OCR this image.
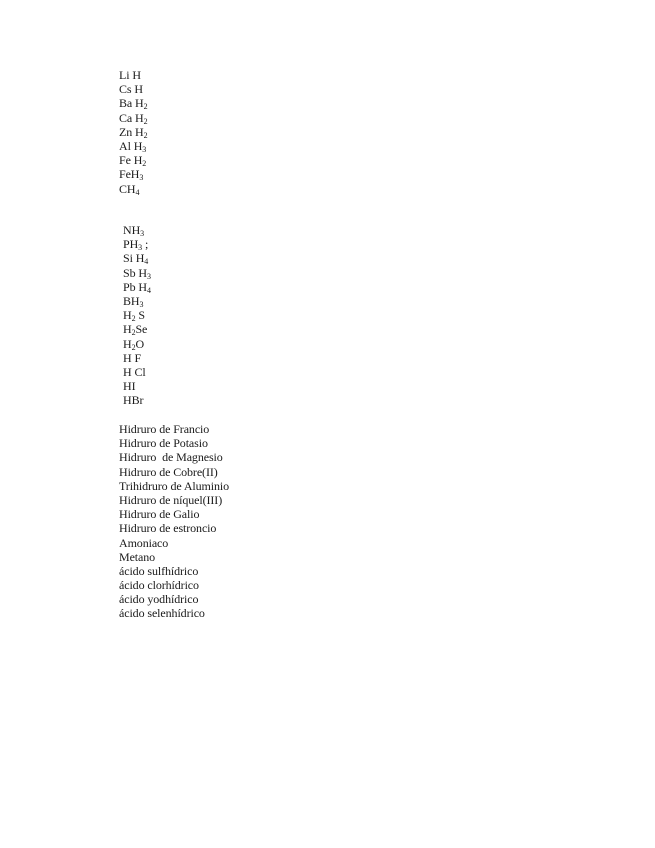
Li H
Cs H
Ba $H_2$
Ca $H_2$
Zn $H_2$
Al $H_3$
Fe $H_2$
FeH$_3$
$CH_4$
$NH_3$
$PH_3$ ;
Si $H_4$
Sb $H_3$
Pb $H_4$
$BH_3$
$H_2$ S
$H_2Se$
$H_2O$
H F
H Cl
HI
HBr
Hidruro de Francio
Hidruro de Potasio
Hidruro  de Magnesio
Hidruro de Cobre(II)
Trihidruro de Aluminio
Hidruro de níquel(III)
Hidruro de Galio
Hidruro de estroncio
Amoniaco
Metano
ácido sulfhídrico
ácido clorhídrico
ácido yodhídrico
ácido selenhídrico
